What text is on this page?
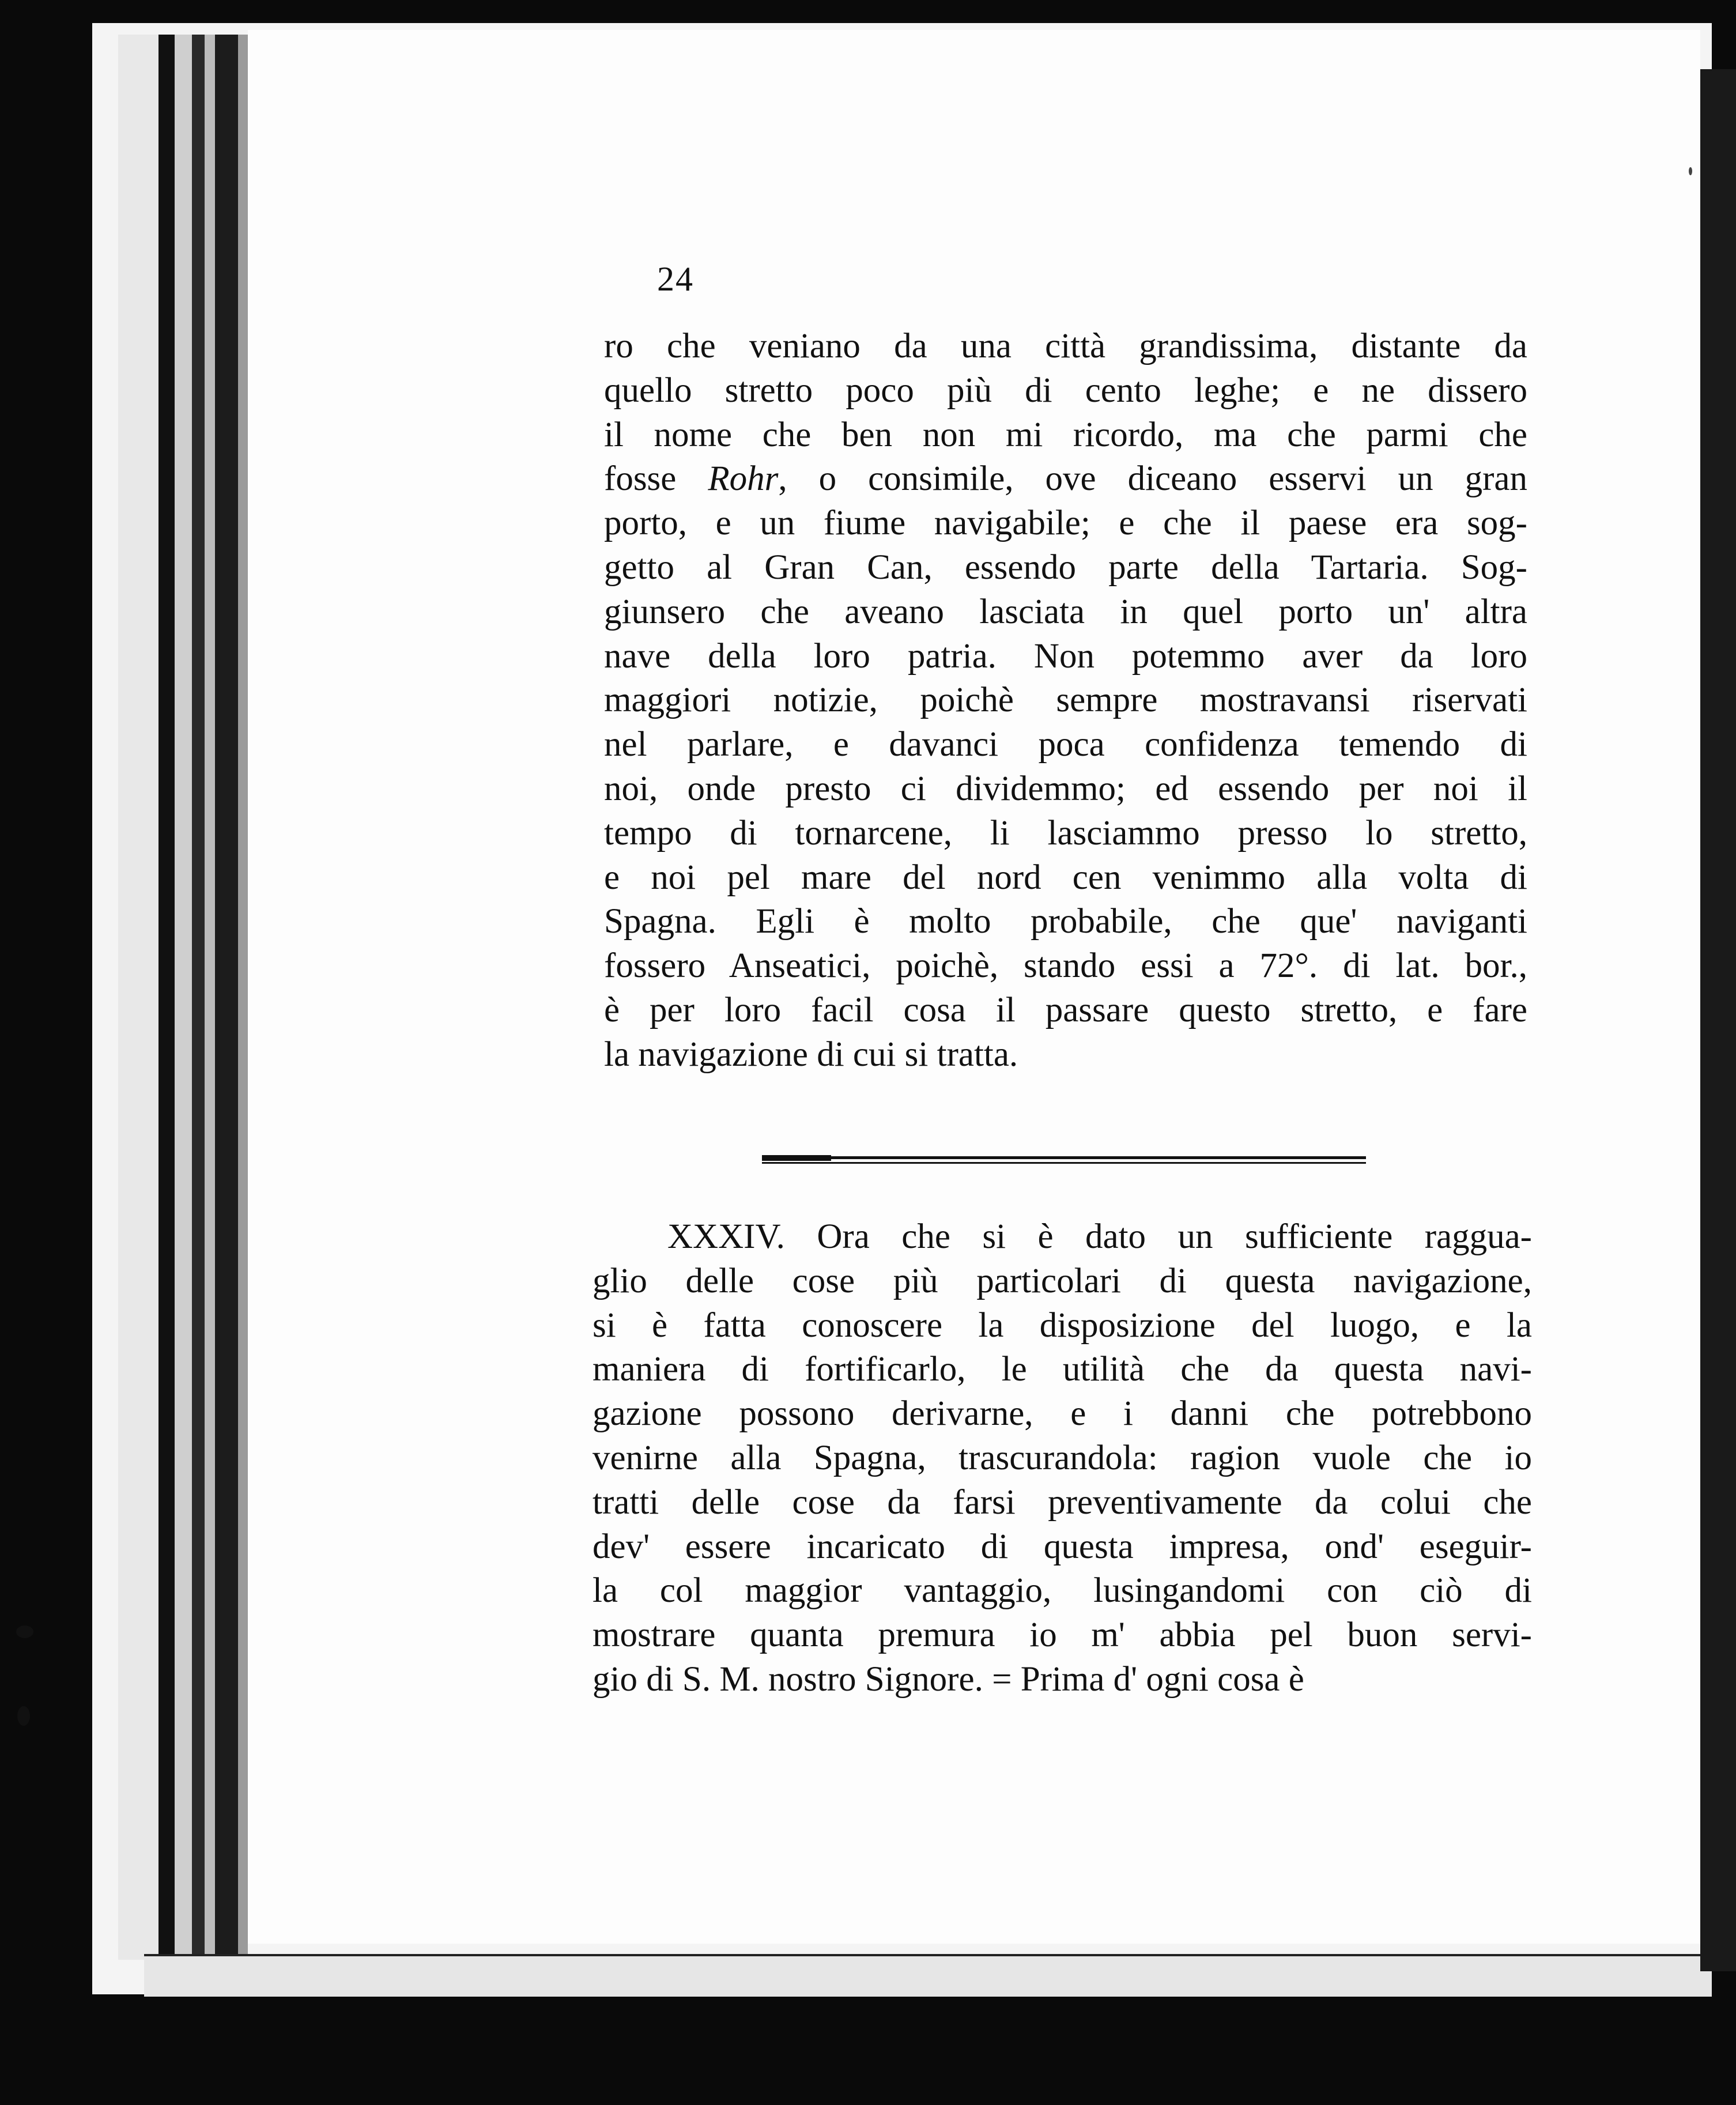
24
ro che veniano da una città grandissima, distante da
quello stretto poco più di cento leghe; e ne dissero
il nome che ben non mi ricordo, ma che parmi che
fosse Rohr, o consimile, ove diceano esservi un gran
porto, e un fiume navigabile; e che il paese era sog-
getto al Gran Can, essendo parte della Tartaria. Sog-
giunsero che aveano lasciata in quel porto un' altra
nave della loro patria. Non potemmo aver da loro
maggiori notizie, poichè sempre mostravansi riservati
nel parlare, e davanci poca confidenza temendo di
noi, onde presto ci dividemmo; ed essendo per noi il
tempo di tornarcene, li lasciammo presso lo stretto,
e noi pel mare del nord cen venimmo alla volta di
Spagna. Egli è molto probabile, che que' naviganti
fossero Anseatici, poichè, stando essi a 72°. di lat. bor.,
è per loro facil cosa il passare questo stretto, e fare
la navigazione di cui si tratta.
XXXIV. Ora che si è dato un sufficiente ragguа-
glio delle cose più particolari di questa navigazione,
si è fatta conoscere la disposizione del luogo, e la
maniera di fortificarlo, le utilità che da questa navi-
gazione possono derivarne, e i danni che potrebbono
venirne alla Spagna, trascurandola: ragion vuole che io
tratti delle cose da farsi preventivamente da colui che
dev' essere incaricato di questa impresa, ond' eseguir-
la col maggior vantaggio, lusingandomi con ciò di
mostrare quanta premura io m' abbia pel buon servi-
gio di S. M. nostro Signore. = Prima d' ogni cosa è
